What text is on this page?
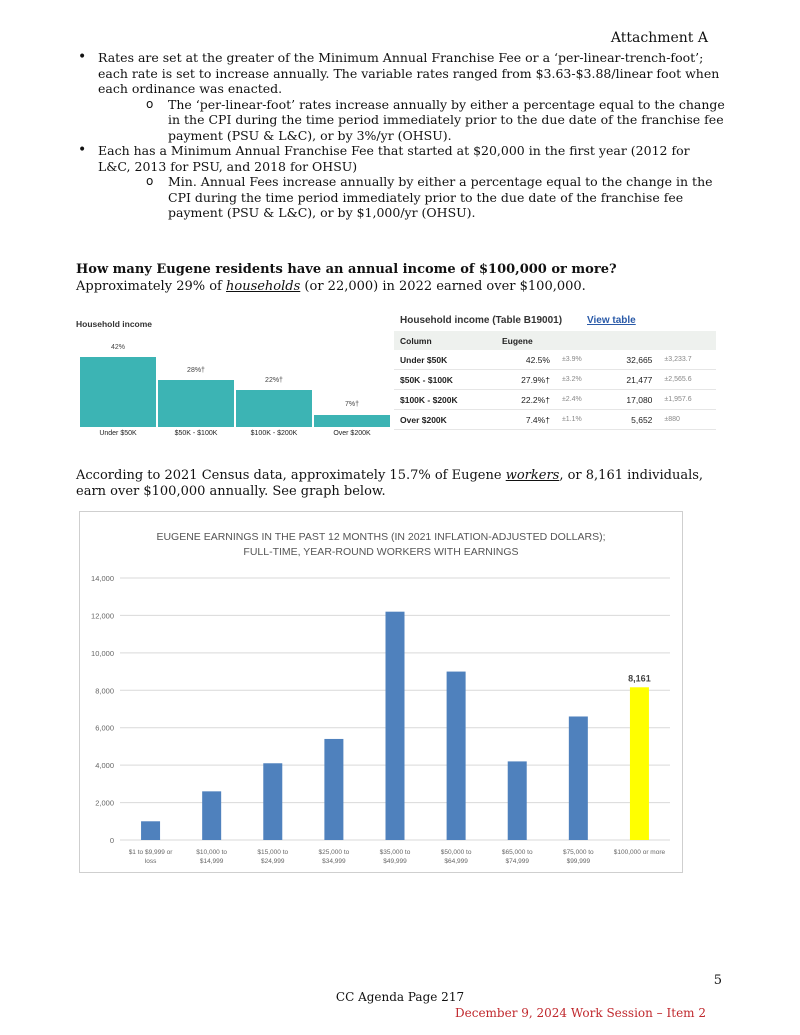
Attachment A
• Rates are set at the greater of the Minimum Annual Franchise Fee or a ‘per-linear-trench-foot’; each rate is set to increase annually. The variable rates ranged from $3.63-$3.88/linear foot when each ordinance was enacted.
o The ‘per-linear-foot’ rates increase annually by either a percentage equal to the change in the CPI during the time period immediately prior to the due date of the franchise fee payment (PSU & L&C), or by 3%/yr (OHSU).
• Each has a Minimum Annual Franchise Fee that started at $20,000 in the first year (2012 for L&C, 2013 for PSU, and 2018 for OHSU)
o Min. Annual Fees increase annually by either a percentage equal to the change in the CPI during the time period immediately prior to the due date of the franchise fee payment (PSU & L&C), or by $1,000/yr (OHSU).
How many Eugene residents have an annual income of $100,000 or more?
Approximately 29% of households (or 22,000) in 2022 earned over $100,000.
Household income
42%
28%†
22%†
7%†
Under $50K	$50K - $100K	$100K - $200K	Over $200K
Household income (Table B19001) View table
Column	Eugene			
Under $50K	42.5%	±3.9%	32,665	±3,233.7
$50K - $100K	27.9%†	±3.2%	21,477	±2,565.6
$100K - $200K	22.2%†	±2.4%	17,080	±1,957.6
Over $200K	7.4%†	±1.1%	5,652	±880
According to 2021 Census data, approximately 15.7% of Eugene workers, or 8,161 individuals, earn over $100,000 annually. See graph below.
EUGENE EARNINGS IN THE PAST 12 MONTHS (IN 2021 INFLATION-ADJUSTED DOLLARS);
FULL-TIME, YEAR-ROUND WORKERS WITH EARNINGS
0
2,000
4,000
6,000
8,000
10,000
12,000
14,000
$1 to $9,999 or
loss
$10,000 to
$14,999
$15,000 to
$24,999
$25,000 to
$34,999
$35,000 to
$49,999
$50,000 to
$64,999
$65,000 to
$74,999
$75,000 to
$99,999
$100,000 or more
8,161
5
CC Agenda Page 217
December 9, 2024 Work Session – Item 2
